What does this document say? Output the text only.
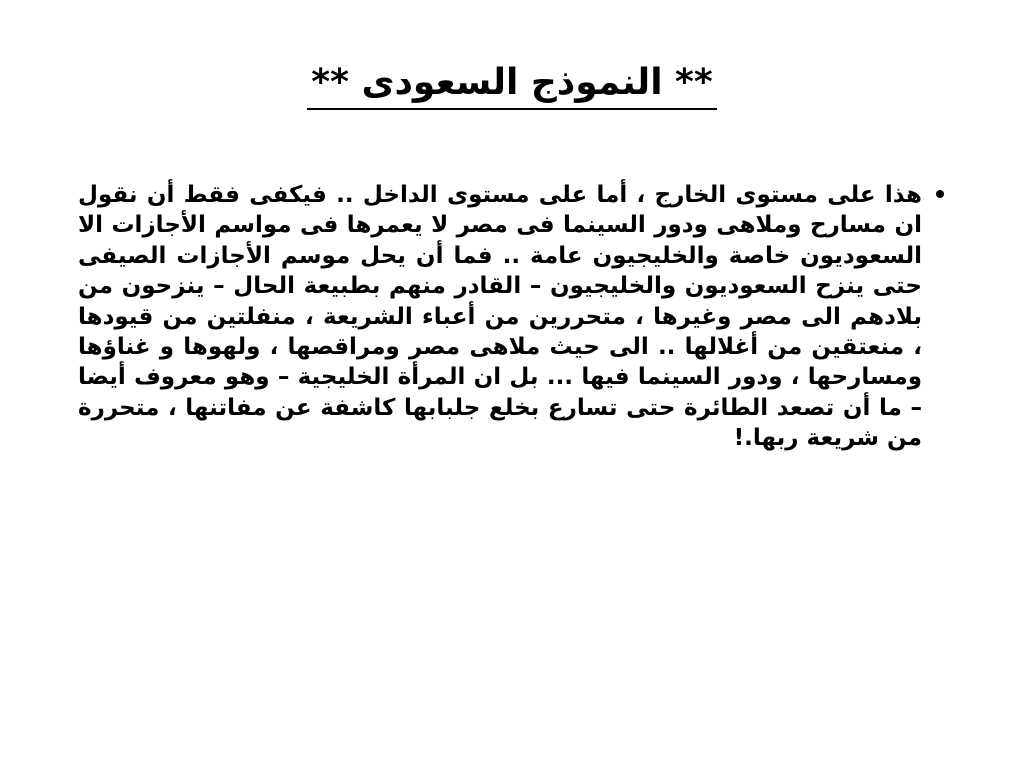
** النموذج السعودى **

هذا على مستوى الخارج ، أما على مستوى الداخل .. فيكفى فقط أن نقول ان مسارح وملاهى ودور السينما فى مصر لا يعمرها فى مواسم الأجازات الا السعوديون خاصة والخليجيون عامة .. فما أن يحل موسم الأجازات الصيفى حتى ينزح السعوديون والخليجيون – القادر منهم بطبيعة الحال – ينزحون من بلادهم الى مصر وغيرها ، متحررين من أعباء الشريعة ، منفلتين من قيودها ، منعتقين من أغلالها .. الى حيث ملاهى مصر ومراقصها ، ولهوها و غناؤها ومسارحها ، ودور السينما فيها ... بل ان المرأة الخليجية – وهو معروف أيضا – ما أن تصعد الطائرة حتى تسارع بخلع جلبابها كاشفة عن مفاتنها ، متحررة من شريعة ربها.!
